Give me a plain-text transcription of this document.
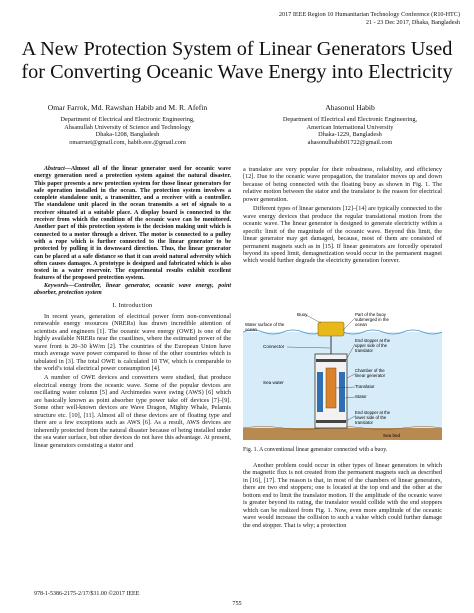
2017 IEEE Region 10 Humanitarian Technology Conference (R10-HTC)
21 - 23 Dec 2017, Dhaka, Bangladesh
A New Protection System of Linear Generators Used
for Converting Oceanic Wave Energy into Electricity
Omar Farrok, Md. Rawshan Habib and M. R. Afefin
Department of Electrical and Electronic Engineering,
Ahsanullah University of Science and Technology
Dhaka-1208, Bangladesh
omarruet@gmail.com, habib.eee.@gmail.com
Ahasonul Habib
Department of Electrical and Electronic Engineering,
American International University
Dhaka-1229, Bangladesh
ahasonulhabib01722@gmail.com

Abstract—Almost all of the linear generator used for oceanic wave energy generation need a protection system against the natural disaster. This paper presents a new protection system for those linear generators for safe operation installed in the ocean. The protection system involves a complete standalone unit, a transmitter, and a receiver with a controller. The standalone unit placed in the ocean transmits a set of signals to a receiver situated at a suitable place. A display board is connected to the receiver from which the condition of the oceanic wave can be monitored. Another part of this protection system is the decision making unit which is connected to a motor through a driver. The motor is connected to a pulley with a rope which is further connected to the linear generator to be protected by pulling it in downward direction. Thus, the linear generator can be placed at a safe distance so that it can avoid natural adversity which often causes damages. A prototype is designed and fabricated which is also tested in a water reservoir. The experimental results exhibit excellent features of the proposed protection system.

Keywords—Controller, linear generator, oceanic wave energy, point absorber, protection system

I. Introduction

In recent years, generation of electrical power form non-conventional renewable energy resources (NRERs) has drawn incredible attention of scientists and engineers [1]. The oceanic wave energy (OWE) is one of the highly available NRERs near the coastlines, where the estimated power of the wave front is 20–30 kW/m [2]. The countries of the European Union have much average wave power compared to those of the other countries which is tabulated in [3]. The total OWE is calculated 10 TW, which is comparable to the world’s total electrical power consumption [4].

A number of OWE devices and converters were studied, that produce electrical energy from the oceanic wave. Some of the popular devices are oscillating water column [5] and Archimedes wave swing (AWS) [6] which are basically known as point absorber type power take off devices [7]–[9]. Some other well-known devices are Wave Dragon, Mighty Whale, Pelamis structure etc. [10], [11]. Almost all of these devices are of floating type and there are a few exceptions such as AWS [6]. As a result, AWS devices are inherently protected from the natural disaster because of being installed under the sea water surface, but other devices do not have this advantage. At present, linear generators consisting a stator and

a translator are very popular for their robustness, reliability, and efficiency [12]. Due to the oceanic wave propagation, the translator moves up and down because of being connected with the floating buoy as shown in Fig. 1. The relative motion between the stator and the translator is the reason for electrical power generation.

Different types of linear generators [12]–[14] are typically connected to the wave energy devices that produce the regular translational motion from the oceanic wave. The linear generator is designed to generate electricity within a specific limit of the magnitude of the oceanic wave. Beyond this limit, the linear generator may get damaged, because, most of them are consisted of permanent magnets such as in [15]. If linear generators are forcedly operated beyond its speed limit, demagnetization would occur in the permanent magnet which would further degrade the electricity generation forever.

Buoy
Water surface of the ocean
Part of the buoy submerged in the ocean
Connector
End stopper at the upper side of the translator
Sea water
Chamber of the linear generator
Translator
Stator
End stopper at the lower side of the translator
Sea bed
Fig. 1. A conventional linear generator connected with a buoy.

Another problem could occur in other types of linear generators in which the magnetic flux is not created from the permanent magnets such as described in [16], [17]. The reason is that, in most of the chambers of linear generators, there are two end stoppers; one is located at the top end and the other at the bottom end to limit the translator motion. If the amplitude of the oceanic wave is greater beyond its rating, the translator would collide with the end stoppers which can be realized from Fig. 1. Now, even more amplitude of the oceanic wave would increase the collision to such a value which could further damage the end stopper. That is why; a protection

978-1-5386-2175-2/17/$31.00 ©2017 IEEE
755
